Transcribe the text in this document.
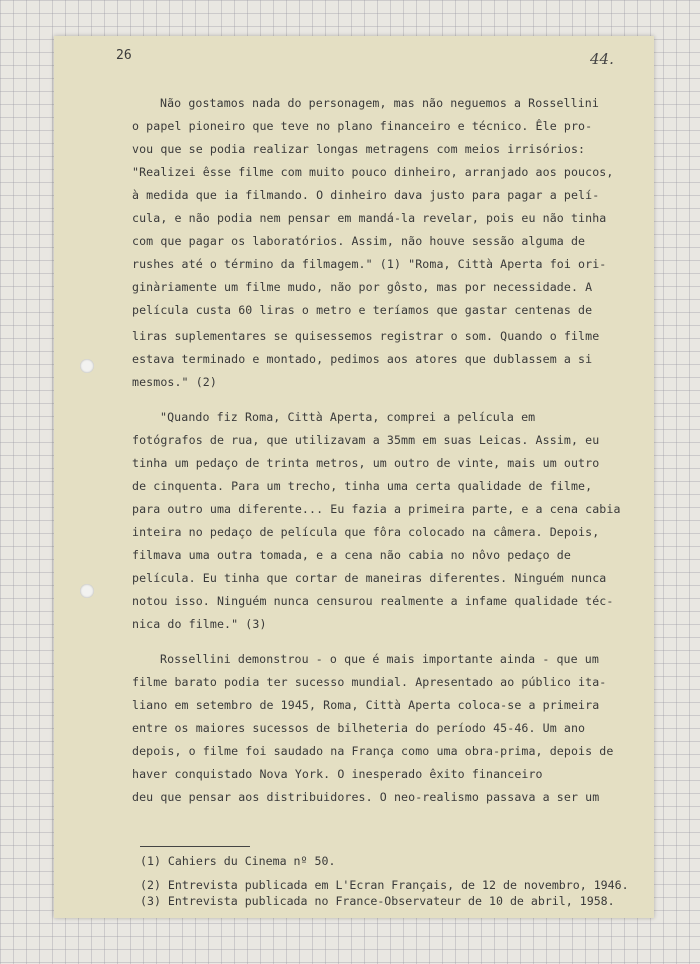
26	44.
Não gostamos nada do personagem, mas não neguemos a Rossellini
o papel pioneiro que teve no plano financeiro e técnico. Êle pro-
vou que se podia realizar longas metragens com meios irrisórios:
"Realizei êsse filme com muito pouco dinheiro, arranjado aos poucos,
à medida que ia filmando. O dinheiro dava justo para pagar a pelí-
cula, e não podia nem pensar em mandá-la revelar, pois eu não tinha
com que pagar os laboratórios. Assim, não houve sessão alguma de
rushes até o término da filmagem." (1) "Roma, Città Aperta foi ori-
ginàriamente um filme mudo, não por gôsto, mas por necessidade. A
película custa 60 liras o metro e teríamos que gastar centenas de
liras suplementares se quisessemos registrar o som. Quando o filme
estava terminado e montado, pedimos aos atores que dublassem a si
mesmos." (2)
"Quando fiz Roma, Città Aperta, comprei a película em
fotógrafos de rua, que utilizavam a 35mm em suas Leicas. Assim, eu
tinha um pedaço de trinta metros, um outro de vinte, mais um outro
de cinquenta. Para um trecho, tinha uma certa qualidade de filme,
para outro uma diferente... Eu fazia a primeira parte, e a cena cabia
inteira no pedaço de película que fôra colocado na câmera. Depois,
filmava uma outra tomada, e a cena não cabia no nôvo pedaço de
película. Eu tinha que cortar de maneiras diferentes. Ninguém nunca
notou isso. Ninguém nunca censurou realmente a infame qualidade téc-
nica do filme." (3)
Rossellini demonstrou - o que é mais importante ainda - que um
filme barato podia ter sucesso mundial. Apresentado ao público ita-
liano em setembro de 1945, Roma, Città Aperta coloca-se a primeira
entre os maiores sucessos de bilheteria do período 45-46. Um ano
depois, o filme foi saudado na França como uma obra-prima, depois de
haver conquistado Nova York. O inesperado êxito financeiro
deu que pensar aos distribuidores. O neo-realismo passava a ser um
(1) Cahiers du Cinema nº 50.
(2) Entrevista publicada em L'Ecran Français, de 12 de novembro, 1946.
(3) Entrevista publicada no France-Observateur de 10 de abril, 1958.
